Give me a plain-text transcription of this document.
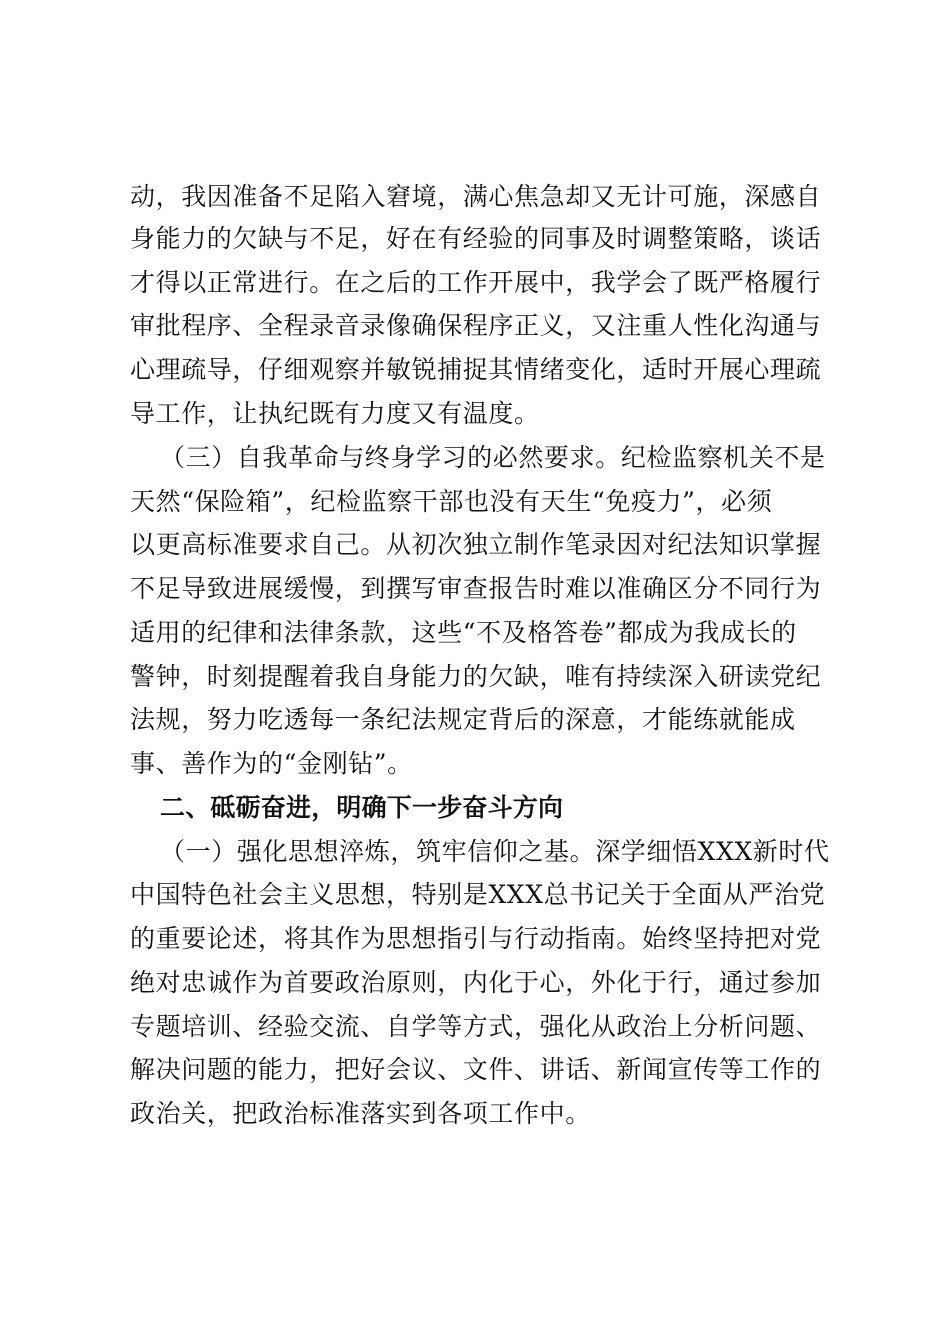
动，我因准备不足陷入窘境，满心焦急却又无计可施，深感自
身能力的欠缺与不足，好在有经验的同事及时调整策略，谈话
才得以正常进行。在之后的工作开展中，我学会了既严格履行
审批程序、全程录音录像确保程序正义，又注重人性化沟通与
心理疏导，仔细观察并敏锐捕捉其情绪变化，适时开展心理疏
导工作，让执纪既有力度又有温度。
（三）自我革命与终身学习的必然要求。纪检监察机关不是
天然“保险箱”，纪检监察干部也没有天生“免疫力”，必须
以更高标准要求自己。从初次独立制作笔录因对纪法知识掌握
不足导致进展缓慢，到撰写审查报告时难以准确区分不同行为
适用的纪律和法律条款，这些“不及格答卷”都成为我成长的
警钟，时刻提醒着我自身能力的欠缺，唯有持续深入研读党纪
法规，努力吃透每一条纪法规定背后的深意，才能练就能成
事、善作为的“金刚钻”。
二、砥砺奋进，明确下一步奋斗方向
（一）强化思想淬炼，筑牢信仰之基。深学细悟XXX新时代
中国特色社会主义思想，特别是XXX总书记关于全面从严治党
的重要论述，将其作为思想指引与行动指南。始终坚持把对党
绝对忠诚作为首要政治原则，内化于心，外化于行，通过参加
专题培训、经验交流、自学等方式，强化从政治上分析问题、
解决问题的能力，把好会议、文件、讲话、新闻宣传等工作的
政治关，把政治标准落实到各项工作中。
